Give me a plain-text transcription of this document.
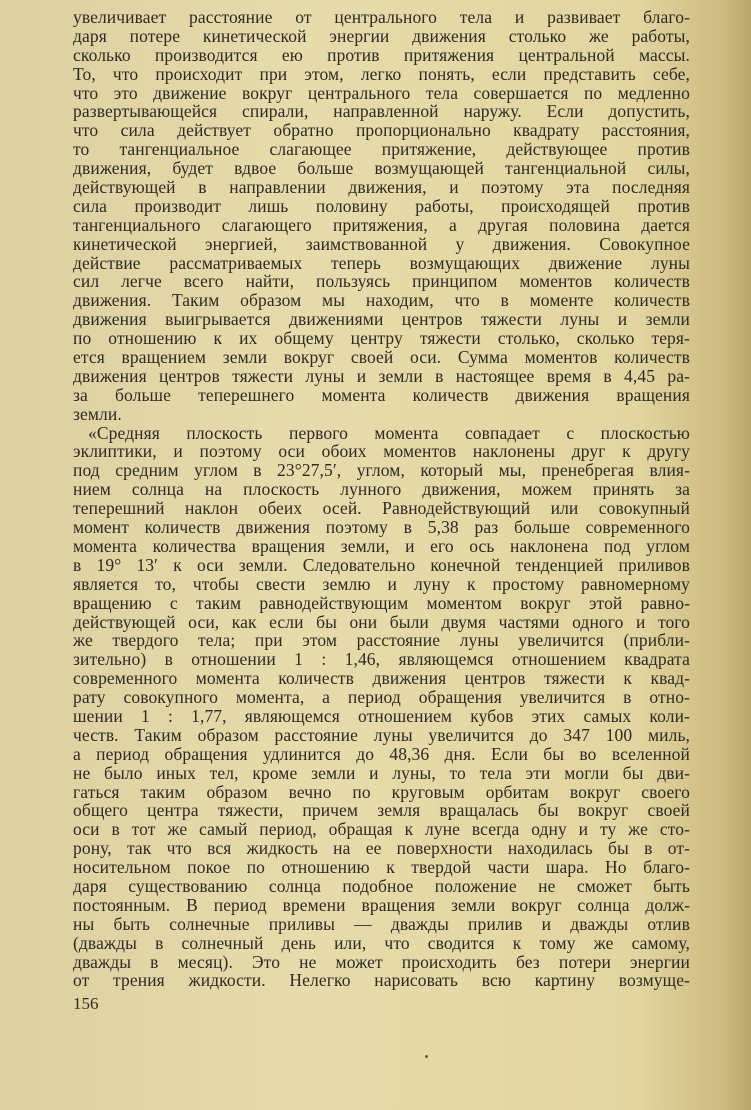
увеличивает расстояние от центрального тела и развивает благо-
даря потере кинетической энергии движения столько же работы,
сколько производится ею против притяжения центральной массы.
То, что происходит при этом, легко понять, если представить себе,
что это движение вокруг центрального тела совершается по медленно
развертывающейся спирали, направленной наружу. Если допустить,
что сила действует обратно пропорционально квадрату расстояния,
то тангенциальное слагающее притяжение, действующее против
движения, будет вдвое больше возмущающей тангенциальной силы,
действующей в направлении движения, и поэтому эта последняя
сила производит лишь половину работы, происходящей против
тангенциального слагающего притяжения, а другая половина дается
кинетической энергией, заимствованной у движения. Совокупное
действие рассматриваемых теперь возмущающих движение луны
сил легче всего найти, пользуясь принципом моментов количеств
движения. Таким образом мы находим, что в моменте количеств
движения выигрывается движениями центров тяжести луны и земли
по отношению к их общему центру тяжести столько, сколько теря-
ется вращением земли вокруг своей оси. Сумма моментов количеств
движения центров тяжести луны и земли в настоящее время в 4,45 ра-
за больше теперешнего момента количеств движения вращения
земли.
«Средняя плоскость первого момента совпадает с плоскостью
эклиптики, и поэтому оси обоих моментов наклонены друг к другу
под средним углом в 23°27,5′, углом, который мы, пренебрегая влия-
нием солнца на плоскость лунного движения, можем принять за
теперешний наклон обеих осей. Равнодействующий или совокупный
момент количеств движения поэтому в 5,38 раз больше современного
момента количества вращения земли, и его ось наклонена под углом
в 19° 13′ к оси земли. Следовательно конечной тенденцией приливов
является то, чтобы свести землю и луну к простому равномерному
вращению с таким равнодействующим моментом вокруг этой равно-
действующей оси, как если бы они были двумя частями одного и того
же твердого тела; при этом расстояние луны увеличится (прибли-
зительно) в отношении 1 : 1,46, являющемся отношением квадрата
современного момента количеств движения центров тяжести к квад-
рату совокупного момента, а период обращения увеличится в отно-
шении 1 : 1,77, являющемся отношением кубов этих самых коли-
честв. Таким образом расстояние луны увеличится до 347 100 миль,
а период обращения удлинится до 48,36 дня. Если бы во вселенной
не было иных тел, кроме земли и луны, то тела эти могли бы дви-
гаться таким образом вечно по круговым орбитам вокруг своего
общего центра тяжести, причем земля вращалась бы вокруг своей
оси в тот же самый период, обращая к луне всегда одну и ту же сто-
рону, так что вся жидкость на ее поверхности находилась бы в от-
носительном покое по отношению к твердой части шара. Но благо-
даря существованию солнца подобное положение не сможет быть
постоянным. В период времени вращения земли вокруг солнца долж-
ны быть солнечные приливы — дважды прилив и дважды отлив
(дважды в солнечный день или, что сводится к тому же самому,
дважды в месяц). Это не может происходить без потери энергии
от трения жидкости. Нелегко нарисовать всю картину возмуще-
156
